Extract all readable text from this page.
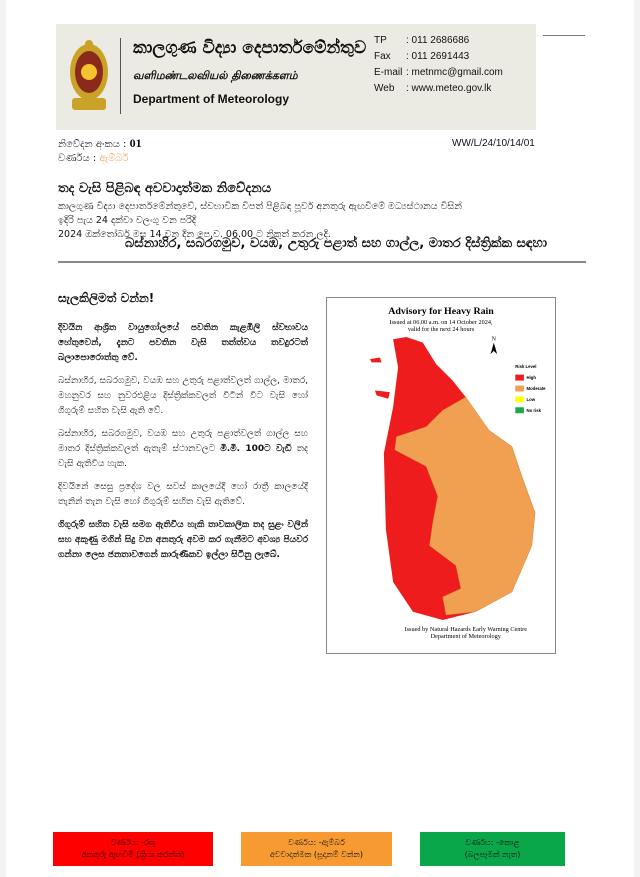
කාලගුණ විද්‍යා දෙපාර්තමේන්තුව
வளிமண்டலவியல் திணைக்களம்
Department of Meteorology
TP	: 011 2686686
Fax	: 011 2691443
E-mail : metnmc@gmail.com
Web	: www.meteo.gov.lk
නිවේදන අංකය : 01
වර්ණය : ඇම්බර්
WW/L/24/10/14/01
තද වැසි පිළිබඳ අවවාදාත්මක නිවේදනය
කාලගුණ විද්‍යා දෙපාර්තමේන්තුවේ, ස්වභාවික විපත් පිළිබඳ පූර්ව අනතුරු ඇඟවීමේ මධ්‍යස්ථානය විසින්
ඉදිරි පැය 24 දක්වා වලංගු වන පරිදි
2024 ඔක්තෝබර් මස 14 වන දින පෙ.ව. 06.00 ට නිකුත් කරන ලදි.
බස්නාහිර, සබරගමුව, වයඹ, උතුරු පළාත් සහ ගාල්ල, මාතර දිස්ත්‍රික්ක සඳහා
සැලකිලිමත් වන්න!

දිවයින ආශ්‍රිත වායුගෝලයේ පවතින කැළඹිලි ස්වභාවය හේතුවෙන්, දැනට පවතින වැසි තත්ත්වය තවදුරටත් බලාපොරොත්තු වේ.

බස්නාහිර, සබරගමුව, වයඹ සහ උතුරු පළාත්වලත් ගාල්ල, මාතර, මහනුවර සහ නුවරඑළිය දිස්ත්‍රික්කවලත් විටින් විට වැසි හෝ ගිගුරුම් සහිත වැසි ඇති වේ.

බස්නාහිර, සබරගමුව, වයඹ සහ උතුරු පළාත්වලත් ගාල්ල සහ මාතර දිස්ත්‍රික්කවලත් ඇතැම් ස්ථානවලට මි.මී. 100ට වැඩි තද වැසි ඇතිවිය හැක.

දිවයිනේ සෙසු ප්‍රදේශ වල සවස් කාලයේදී හෝ රාත්‍රී කාලයේදී තැනින් තැන වැසි හෝ ගිගුරුම් සහිත වැසි ඇතිවේ.

ගිගුරුම් සහිත වැසි සමග ඇතිවිය හැකි තාවකාලික තද සුළං වලින් සහ අකුණු මගින් සිදු වන අනතුරු අවම කර ගැනීමට අවශ්‍ය පියවර ගන්නා ලෙස ජනතාවගෙන් කාරුණිකව ඉල්ලා සිටිනු ලැබේ.

Advisory for Heavy Rain
Issued at 06.00 a.m. on 14 October 2024,
valid for the next 24 hours
N
Risk Level
High
Moderate
Low
No risk
Issued by Natural Hazards Early Warning Centre
Department of Meteorology
වර්ණය: -රතු
අනතුරු ඇඟවීම් (ක්‍රියා කරන්න)
වර්ණය: -ඇම්බර්
අවවාදාත්මක (සූදානම් වන්න)
වර්ණය: -කොළ
(බලපෑමක් නැත)
